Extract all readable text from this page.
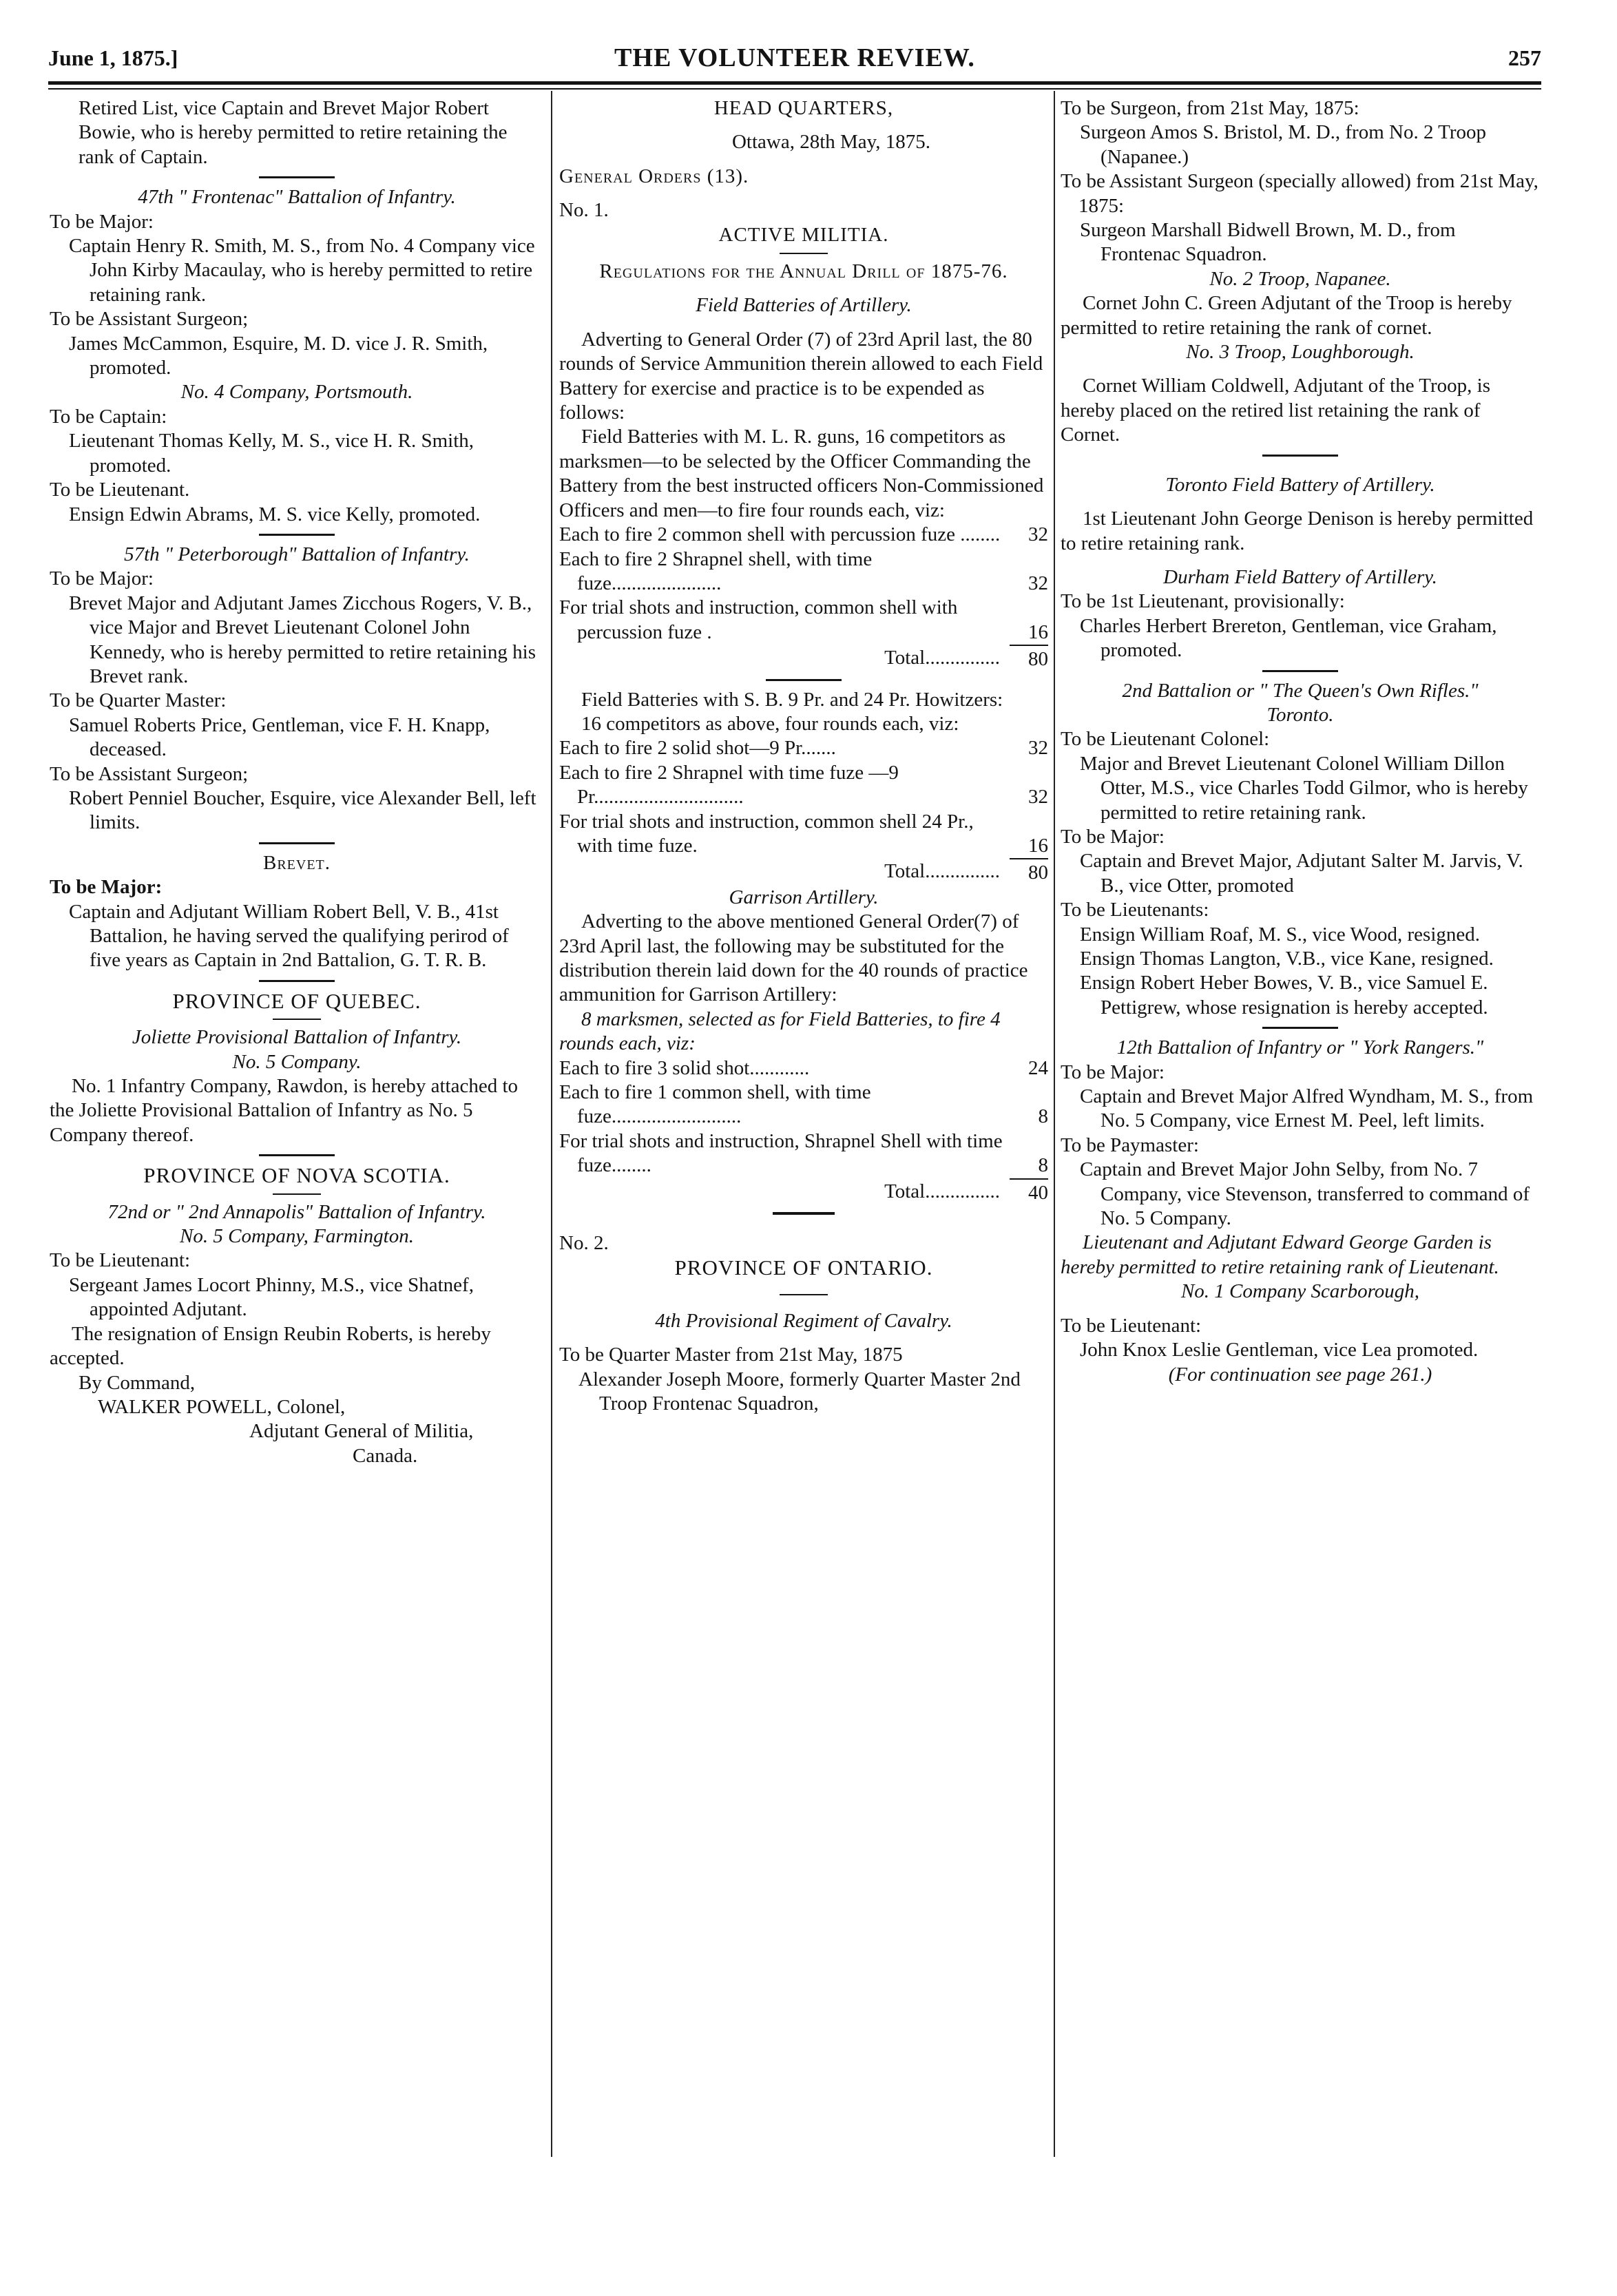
June 1, 1875.]	THE VOLUNTEER REVIEW.	257

Retired List, vice Captain and Brevet Major Robert Bowie, who is hereby permitted to retire retaining the rank of Captain.

47th " Frontenac" Battalion of Infantry.

To be Major:

Captain Henry R. Smith, M. S., from No. 4 Company vice John Kirby Macaulay, who is hereby permitted to retire retaining rank.

To be Assistant Surgeon;

James McCammon, Esquire, M. D. vice J. R. Smith, promoted.

No. 4 Company, Portsmouth.

To be Captain:

Lieutenant Thomas Kelly, M. S., vice H. R. Smith, promoted.

To be Lieutenant.

Ensign Edwin Abrams, M. S. vice Kelly, promoted.

57th " Peterborough" Battalion of Infantry.

To be Major:

Brevet Major and Adjutant James Zicchous Rogers, V. B., vice Major and Brevet Lieutenant Colonel John Kennedy, who is hereby permitted to retire retaining his Brevet rank.

To be Quarter Master:

Samuel Roberts Price, Gentleman, vice F. H. Knapp, deceased.

To be Assistant Surgeon;

Robert Penniel Boucher, Esquire, vice Alexander Bell, left limits.

Brevet.

To be Major:

Captain and Adjutant William Robert Bell, V. B., 41st Battalion, he having served the qualifying perirod of five years as Captain in 2nd Battalion, G. T. R. B.

PROVINCE OF QUEBEC.

Joliette Provisional Battalion of Infantry.

No. 5 Company.

No. 1 Infantry Company, Rawdon, is hereby attached to the Joliette Provisional Battalion of Infantry as No. 5 Company thereof.

PROVINCE OF NOVA SCOTIA.

72nd or " 2nd Annapolis" Battalion of Infantry.

No. 5 Company, Farmington.

To be Lieutenant:

Sergeant James Locort Phinny, M.S., vice Shatnef, appointed Adjutant.

The resignation of Ensign Reubin Roberts, is hereby accepted.

By Command,

WALKER POWELL, Colonel,

Adjutant General of Militia,

Canada.

HEAD QUARTERS,

Ottawa, 28th May, 1875.

General Orders (13).

No. 1.

ACTIVE MILITIA.

Regulations for the Annual Drill of 1875-76.

Field Batteries of Artillery.

Adverting to General Order (7) of 23rd April last, the 80 rounds of Service Ammunition therein allowed to each Field Battery for exercise and practice is to be expended as follows:

Field Batteries with M. L. R. guns, 16 competitors as marksmen—to be selected by the Officer Commanding the Battery from the best instructed officers Non-Commissioned Officers and men—to fire four rounds each, viz:

Each to fire 2 common shell with percussion fuze ........	32
Each to fire 2 Shrapnel shell, with time fuze......................	32
For trial shots and instruction, common shell with percussion fuze .	16
Total...............	80

Field Batteries with S. B. 9 Pr. and 24 Pr. Howitzers:

16 competitors as above, four rounds each, viz:

Each to fire 2 solid shot—9 Pr.......	32
Each to fire 2 Shrapnel with time fuze —9 Pr..............................	32
For trial shots and instruction, common shell 24 Pr., with time fuze.	16
Total...............	80

Garrison Artillery.

Adverting to the above mentioned General Order(7) of 23rd April last, the following may be substituted for the distribution therein laid down for the 40 rounds of practice ammunition for Garrison Artillery:

8 marksmen, selected as for Field Batteries, to fire 4 rounds each, viz:

Each to fire 3 solid shot............	24
Each to fire 1 common shell, with time fuze..........................	8
For trial shots and instruction, Shrapnel Shell with time fuze........	8
Total...............	40

No. 2.

PROVINCE OF ONTARIO.

4th Provisional Regiment of Cavalry.

To be Quarter Master from 21st May, 1875

Alexander Joseph Moore, formerly Quarter Master 2nd Troop Frontenac Squadron,

To be Surgeon, from 21st May, 1875:

Surgeon Amos S. Bristol, M. D., from No. 2 Troop (Napanee.)

To be Assistant Surgeon (specially allowed) from 21st May, 1875:

Surgeon Marshall Bidwell Brown, M. D., from Frontenac Squadron.

No. 2 Troop, Napanee.

Cornet John C. Green Adjutant of the Troop is hereby permitted to retire retaining the rank of cornet.

No. 3 Troop, Loughborough.

Cornet William Coldwell, Adjutant of the Troop, is hereby placed on the retired list retaining the rank of Cornet.

Toronto Field Battery of Artillery.

1st Lieutenant John George Denison is hereby permitted to retire retaining rank.

Durham Field Battery of Artillery.

To be 1st Lieutenant, provisionally:

Charles Herbert Brereton, Gentleman, vice Graham, promoted.

2nd Battalion or " The Queen's Own Rifles."

Toronto.

To be Lieutenant Colonel:

Major and Brevet Lieutenant Colonel William Dillon Otter, M.S., vice Charles Todd Gilmor, who is hereby permitted to retire retaining rank.

To be Major:

Captain and Brevet Major, Adjutant Salter M. Jarvis, V. B., vice Otter, promoted

To be Lieutenants:

Ensign William Roaf, M. S., vice Wood, resigned.

Ensign Thomas Langton, V.B., vice Kane, resigned.

Ensign Robert Heber Bowes, V. B., vice Samuel E. Pettigrew, whose resignation is hereby accepted.

12th Battalion of Infantry or " York Rangers."

To be Major:

Captain and Brevet Major Alfred Wyndham, M. S., from No. 5 Company, vice Ernest M. Peel, left limits.

To be Paymaster:

Captain and Brevet Major John Selby, from No. 7 Company, vice Stevenson, transferred to command of No. 5 Company.

Lieutenant and Adjutant Edward George Garden is hereby permitted to retire retaining rank of Lieutenant.

No. 1 Company Scarborough,

To be Lieutenant:

John Knox Leslie Gentleman, vice Lea promoted.

(For continuation see page 261.)
